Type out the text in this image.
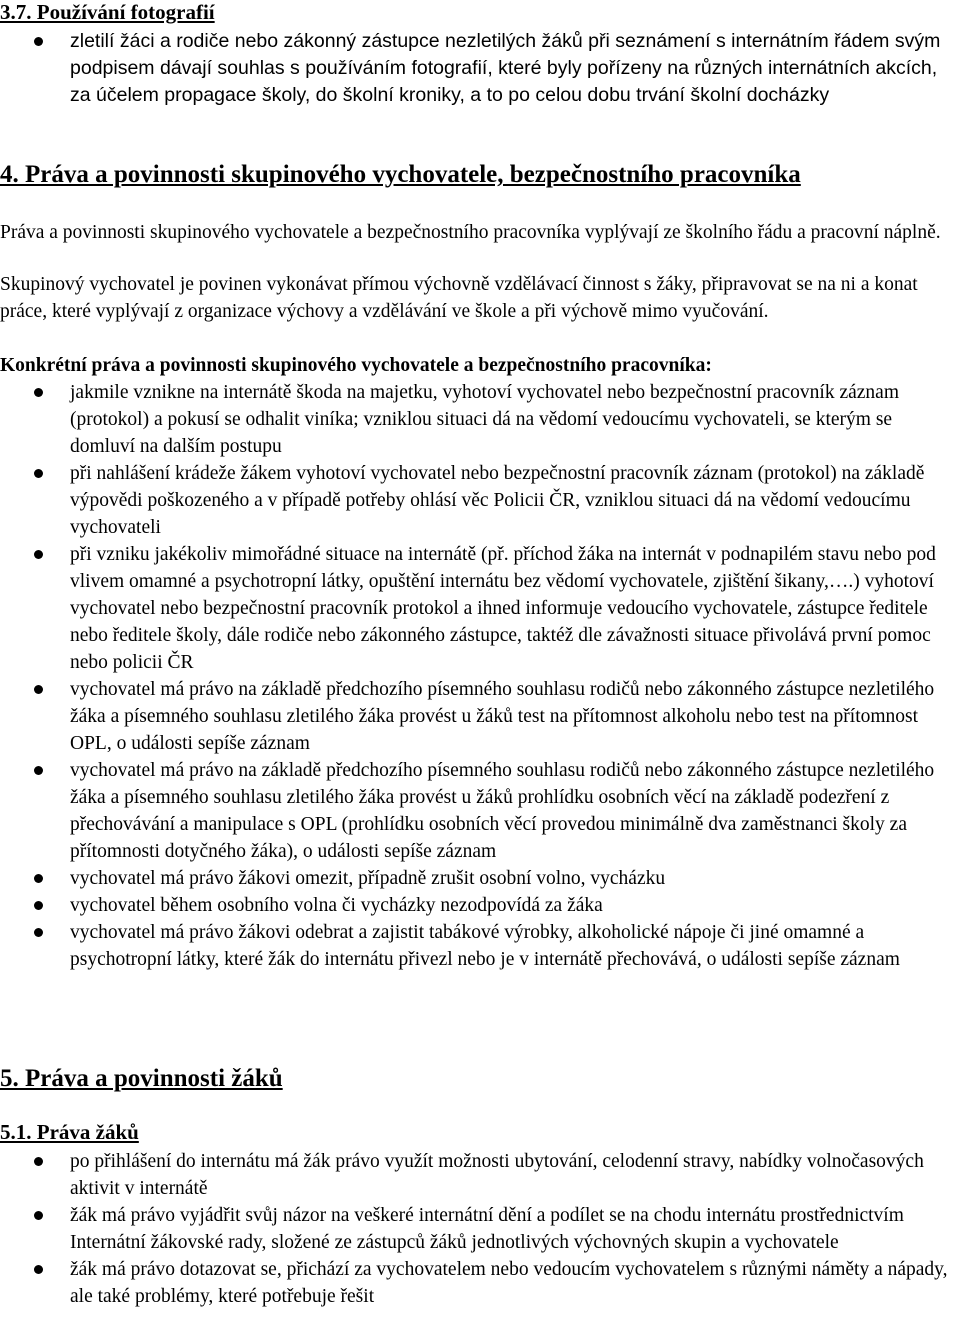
3.7. Používání fotografií
zletilí žáci a rodiče nebo zákonný zástupce nezletilých žáků při seznámení s internátním řádem svým podpisem dávají souhlas s používáním fotografií, které byly pořízeny na různých internátních akcích, za účelem propagace školy, do školní kroniky, a to po celou dobu trvání školní docházky
4. Práva a povinnosti skupinového vychovatele, bezpečnostního pracovníka
Práva a povinnosti skupinového vychovatele a bezpečnostního pracovníka vyplývají ze školního řádu a pracovní náplně.
Skupinový vychovatel je povinen vykonávat přímou výchovně vzdělávací činnost s žáky, připravovat se na ni a konat práce, které vyplývají z organizace výchovy a vzdělávání ve škole a při výchově mimo vyučování.
Konkrétní práva a povinnosti skupinového vychovatele a bezpečnostního pracovníka:
jakmile vznikne na internátě škoda na majetku, vyhotoví vychovatel nebo bezpečnostní pracovník záznam (protokol) a pokusí se odhalit viníka; vzniklou situaci dá na vědomí vedoucímu vychovateli, se kterým se domluví na dalším postupu
při nahlášení krádeže žákem vyhotoví vychovatel nebo bezpečnostní pracovník záznam (protokol) na základě výpovědi poškozeného a v případě potřeby ohlásí věc Policii ČR, vzniklou situaci dá na vědomí vedoucímu vychovateli
při vzniku jakékoliv mimořádné situace na internátě (př. příchod žáka na internát v podnapilém stavu nebo pod vlivem omamné a psychotropní látky, opuštění internátu bez vědomí vychovatele, zjištění šikany,….) vyhotoví vychovatel nebo bezpečnostní pracovník protokol a ihned informuje vedoucího vychovatele, zástupce ředitele nebo ředitele školy, dále rodiče nebo zákonného zástupce, taktéž dle závažnosti situace přivolává první pomoc nebo policii ČR
vychovatel má právo na základě předchozího písemného souhlasu rodičů nebo zákonného zástupce nezletilého žáka a písemného souhlasu zletilého žáka provést u žáků test na přítomnost alkoholu nebo test na přítomnost OPL, o události sepíše záznam
vychovatel má právo na základě předchozího písemného souhlasu rodičů nebo zákonného zástupce nezletilého žáka a písemného souhlasu zletilého žáka provést u žáků prohlídku osobních věcí na základě podezření z přechovávání a manipulace s OPL (prohlídku osobních věcí provedou minimálně dva zaměstnanci školy za přítomnosti dotyčného žáka), o události sepíše záznam
vychovatel má právo žákovi omezit, případně zrušit osobní volno, vycházku
vychovatel během osobního volna či vycházky nezodpovídá za žáka
vychovatel má právo žákovi odebrat a zajistit tabákové výrobky, alkoholické nápoje či jiné omamné a psychotropní látky, které žák do internátu přivezl nebo je v internátě přechovává, o události sepíše záznam
5. Práva a povinnosti žáků
5.1. Práva žáků
po přihlášení do internátu má žák právo využít možnosti ubytování, celodenní stravy, nabídky volnočasových aktivit v internátě
žák má právo vyjádřit svůj názor na veškeré internátní dění a podílet se na chodu internátu prostřednictvím Internátní žákovské rady, složené ze zástupců žáků jednotlivých výchovných skupin a vychovatele
žák má právo dotazovat se, přichází za vychovatelem nebo vedoucím vychovatelem s různými náměty a nápady, ale také problémy, které potřebuje řešit
